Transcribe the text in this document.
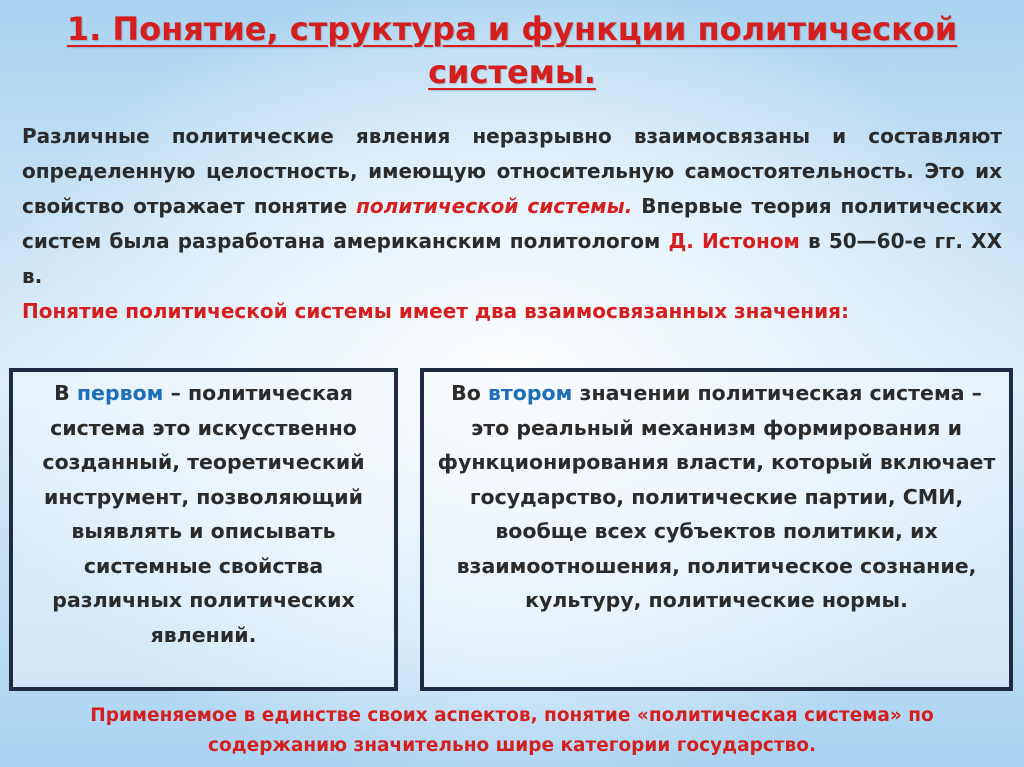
1. Понятие, структура и функции политической системы.
Различные политические явления неразрывно взаимосвязаны и составляют определенную целостность, имеющую относительную самостоятельность. Это их свойство отражает понятие политической системы. Впервые теория политических систем была разработана американским политологом Д. Истоном в 50—60-е гг. XX в.
Понятие политической системы имеет два взаимосвязанных значения:
В первом – политическая система это искусственно созданный, теоретический инструмент, позволяющий выявлять и описывать системные свойства различных политических явлений.
Во втором значении политическая система – это реальный механизм формирования и функционирования власти, который включает государство, политические партии, СМИ, вообще всех субъектов политики, их взаимоотношения, политическое сознание, культуру, политические нормы.
Применяемое в единстве своих аспектов, понятие «политическая система» по содержанию значительно шире категории государство.
